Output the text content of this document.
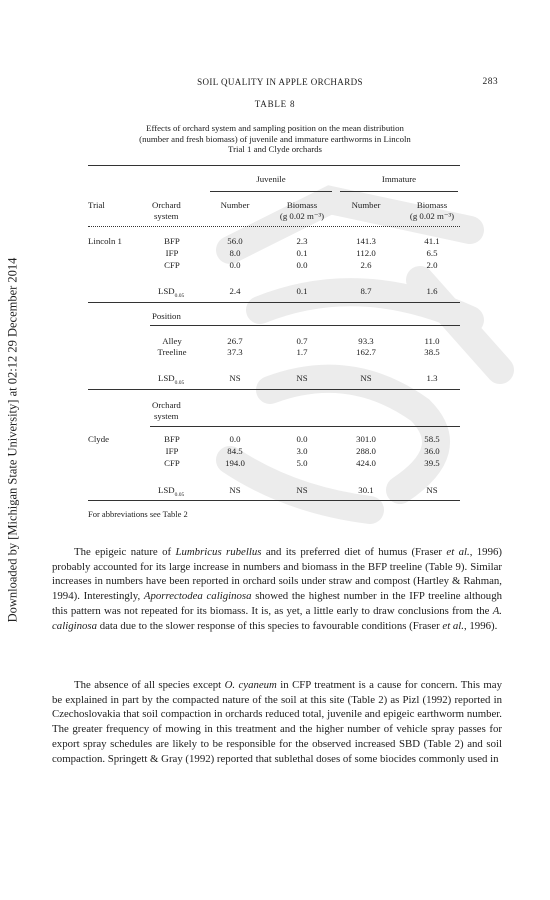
Downloaded by [Michigan State University] at 02:12 29 December 2014
SOIL QUALITY IN APPLE ORCHARDS	283
TABLE 8
Effects of orchard system and sampling position on the mean distribution
(number and fresh biomass) of juvenile and immature earthworms in Lincoln
Trial 1 and Clyde orchards
Juvenile	Immature
Trial	Orchard
system
Number	Biomass
(g 0.02 m⁻³)
Number	Biomass
(g 0.02 m⁻³)
Lincoln 1	BFP	56.0	2.3	141.3	41.1
IFP	8.0	0.1	112.0	6.5
CFP	0.0	0.0	2.6	2.0
$LSD_{0.05}$	2.4	0.1	8.7	1.6
Position
Alley	26.7	0.7	93.3	11.0
Treeline	37.3	1.7	162.7	38.5
$LSD_{0.05}$	NS	NS	NS	1.3
Orchard
system
Clyde	BFP	0.0	0.0	301.0	58.5
IFP	84.5	3.0	288.0	36.0
CFP	194.0	5.0	424.0	39.5
$LSD_{0.05}$	NS	NS	30.1	NS
For abbreviations see Table 2

The epigeic nature of Lumbricus rubellus and its preferred diet of humus (Fraser et al., 1996) probably accounted for its large increase in numbers and biomass in the BFP treeline (Table 9). Similar increases in numbers have been reported in orchard soils under straw and compost (Hartley & Rahman, 1994). Interestingly, Aporrectodea caliginosa showed the highest number in the IFP treeline although this pattern was not repeated for its biomass. It is, as yet, a little early to draw conclusions from the A. caliginosa data due to the slower response of this species to favourable conditions (Fraser et al., 1996).

The absence of all species except O. cyaneum in CFP treatment is a cause for concern. This may be explained in part by the compacted nature of the soil at this site (Table 2) as Pizl (1992) reported in Czechoslovakia that soil compaction in orchards reduced total, juvenile and epigeic earthworm number. The greater frequency of mowing in this treatment and the higher number of vehicle spray passes for export spray schedules are likely to be responsible for the observed increased SBD (Table 2) and soil compaction. Springett & Gray (1992) reported that sublethal doses of some biocides commonly used in
